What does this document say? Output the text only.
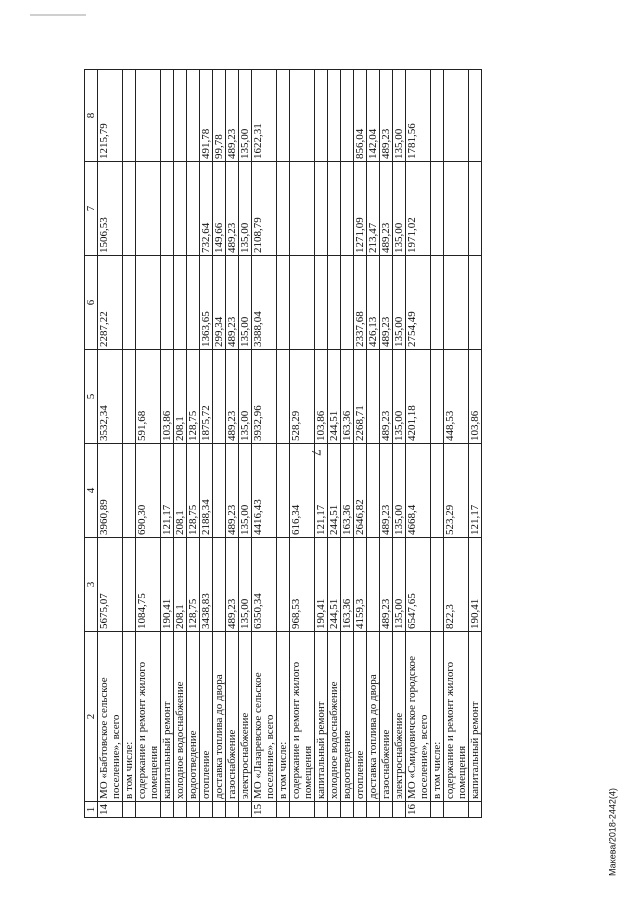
7
Макева/2018-2442(4)
1	2	3	4	5	6	7	8
14	МО «Бабтовское сельское поселение», всего	5675,07	3960,89	3532,34	2287,22	1506,53	1215,79
	в том числе:						
	содержание и ремонт жилого помещения	1084,75	690,30	591,68			
	капитальный ремонт	190,41	121,17	103,86			
	холодное водоснабжение	208,1	208,1	208,1			
	водоотведение	128,75	128,75	128,75			
	отопление	3438,83	2188,34	1875,72	1363,65	732,64	491,78
	доставка топлива до двора				299,34	149,66	99,78
	газоснабжение	489,23	489,23	489,23	489,23	489,23	489,23
	электроснабжение	135,00	135,00	135,00	135,00	135,00	135,00
15	МО «Лазаревское сельское поселение», всего	6350,34	4416,43	3932,96	3388,04	2108,79	1622,31
	в том числе:						
	содержание и ремонт жилого помещения	968,53	616,34	528,29			
	капитальный ремонт	190,41	121,17	103,86			
	холодное водоснабжение	244,51	244,51	244,51			
	водоотведение	163,36	163,36	163,36			
	отопление	4159,3	2646,82	2268,71	2337,68	1271,09	856,04
	доставка топлива до двора				426,13	213,47	142,04
	газоснабжение	489,23	489,23	489,23	489,23	489,23	489,23
	электроснабжение	135,00	135,00	135,00	135,00	135,00	135,00
16	МО «Смидовичское городское поселение», всего	6547,65	4668,4	4201,18	2754,49	1971,02	1781,56
	в том числе:						
	содержание и ремонт жилого помещения	822,3	523,29	448,53			
	капитальный ремонт	190,41	121,17	103,86			
